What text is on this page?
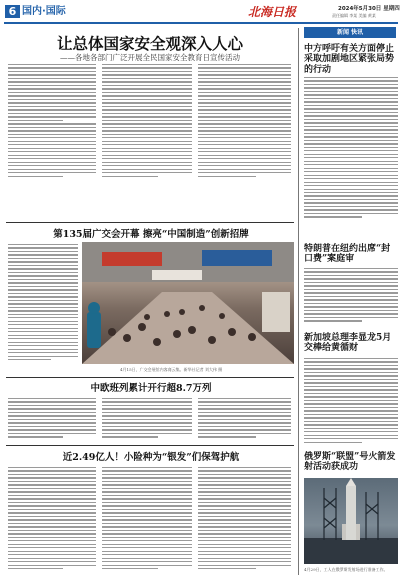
6 国内·国际	北海日报	2024年5月30日 星期四
责任编辑 李某 美编 黄某
让总体国家安全观深入人心
——各地各部门广泛开展全民国家安全教育日宣传活动
第135届广交会开幕 擦亮“中国制造”创新招牌
4月15日，广交会展馆内客商云集。新华社记者 刘大伟 摄
中欧班列累计开行超8.7万列
近2.49亿人！小险种为“银发”们保驾护航
新闻 快讯
中方呼吁有关方面停止采取加剧地区紧张局势的行动
特朗普在纽约出席“封口费”案庭审
新加坡总理李显龙5月交棒给黄循财
俄罗斯“联盟”号火箭发射活动获成功
4月29日，工人在俄罗斯发射场进行准备工作。
